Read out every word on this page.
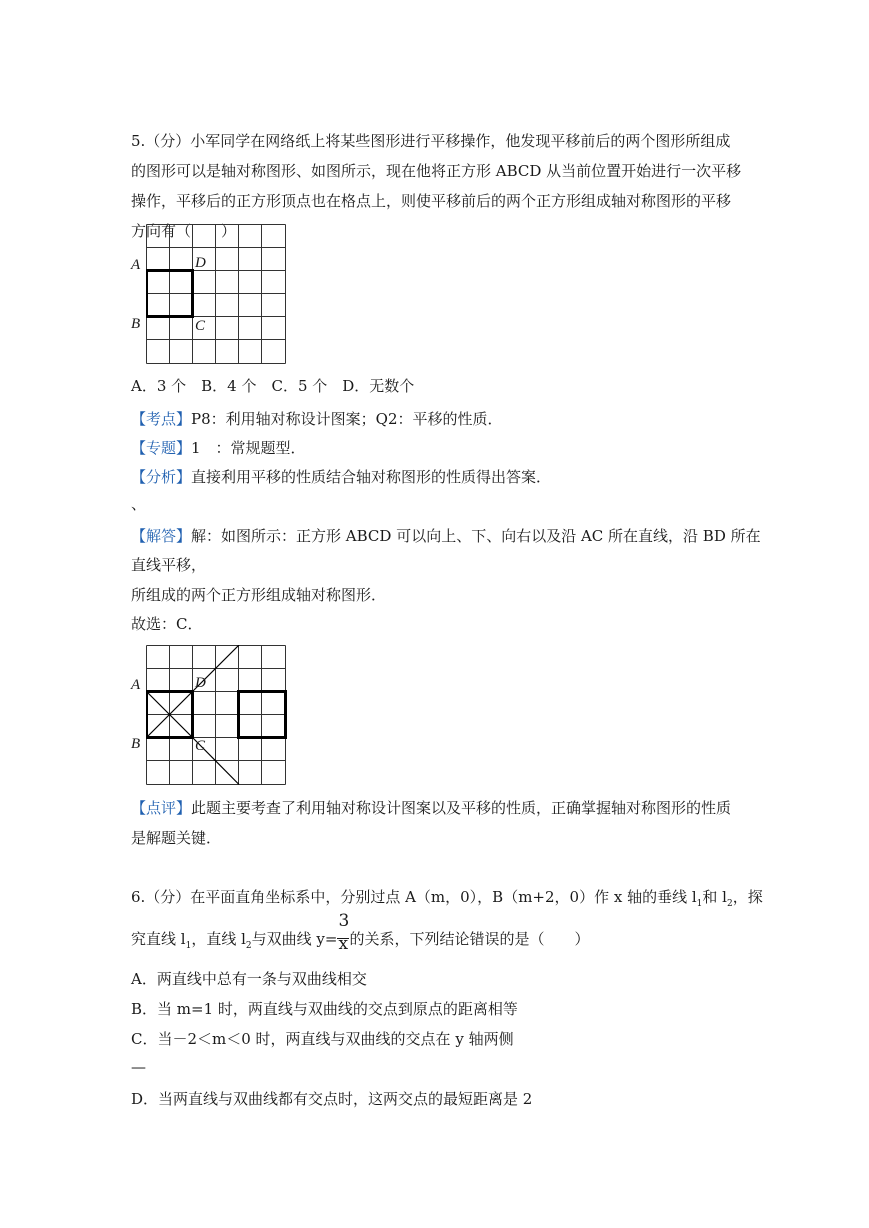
5.（分）小军同学在网络纸上将某些图形进行平移操作，他发现平移前后的两个图形所组成
的图形可以是轴对称图形、如图所示，现在他将正方形 ABCD 从当前位置开始进行一次平移
操作，平移后的正方形顶点也在格点上，则使平移前后的两个正方形组成轴对称图形的平移
方向有（　　）
A	D
B	C
A．3 个　B．4 个　C．5 个　D．无数个
【考点】P8：利用轴对称设计图案；Q2：平移的性质．
【专题】1　：常规题型．
【分析】直接利用平移的性质结合轴对称图形的性质得出答案．
、
【解答】解：如图所示：正方形 ABCD 可以向上、下、向右以及沿 AC 所在直线，沿 BD 所在
直线平移，
所组成的两个正方形组成轴对称图形．
故选：C．
A	D
B	C
【点评】此题主要考查了利用轴对称设计图案以及平移的性质，正确掌握轴对称图形的性质
是解题关键．
6.（分）在平面直角坐标系中，分别过点 A（m，0），B（m+2，0）作 x 轴的垂线 $l_1$和 $l_2$，探
究直线 $l_1$，直线 $l_2$与双曲线 y=
3
x 的关系，下列结论错误的是（　　）
A．两直线中总有一条与双曲线相交
B．当 m=1 时，两直线与双曲线的交点到原点的距离相等
C．当－2＜m＜0 时，两直线与双曲线的交点在 y 轴两侧
—
D．当两直线与双曲线都有交点时，这两交点的最短距离是 2
